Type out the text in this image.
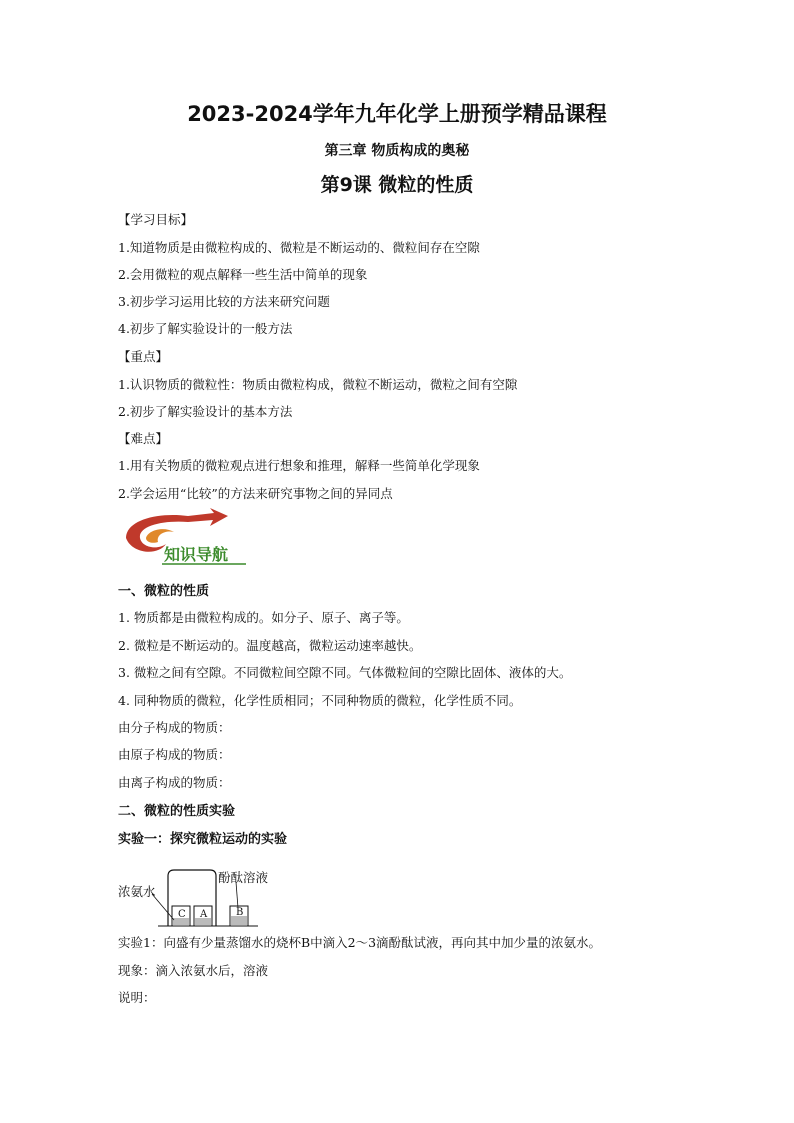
2023-2024学年九年化学上册预学精品课程
第三章 物质构成的奥秘
第9课 微粒的性质
【学习目标】
1.知道物质是由微粒构成的、微粒是不断运动的、微粒间存在空隙
2.会用微粒的观点解释一些生活中简单的现象
3.初步学习运用比较的方法来研究问题
4.初步了解实验设计的一般方法
【重点】
1.认识物质的微粒性：物质由微粒构成，微粒不断运动，微粒之间有空隙
2.初步了解实验设计的基本方法
【难点】
1.用有关物质的微粒观点进行想象和推理，解释一些简单化学现象
2.学会运用“比较”的方法来研究事物之间的异同点
知识导航
一、微粒的性质
1. 物质都是由微粒构成的。如分子、原子、离子等。
2. 微粒是不断运动的。温度越高，微粒运动速率越快。
3. 微粒之间有空隙。不同微粒间空隙不同。气体微粒间的空隙比固体、液体的大。
4. 同种物质的微粒，化学性质相同；不同种物质的微粒，化学性质不同。
由分子构成的物质：
由原子构成的物质：
由离子构成的物质：
二、微粒的性质实验
实验一：探究微粒运动的实验
C A	B
浓氨水
酚酞溶液
实验1：向盛有少量蒸馏水的烧杯B中滴入2～3滴酚酞试液，再向其中加少量的浓氨水。
现象：滴入浓氨水后，溶液
说明：
